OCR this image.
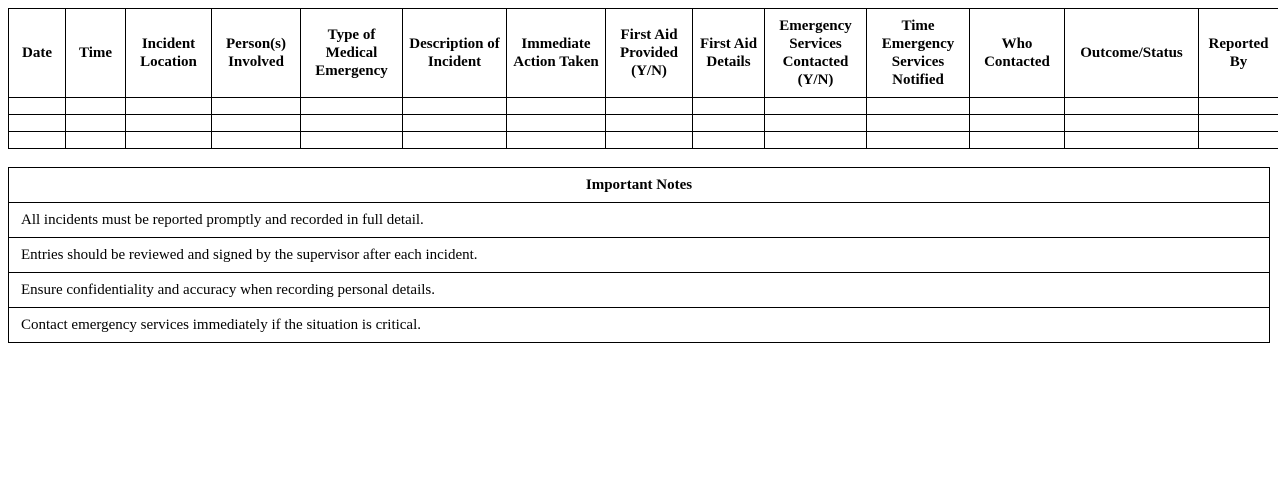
Date	Time	Incident Location	Person(s) Involved	Type of Medical Emergency	Description of Incident	Immediate Action Taken	First Aid Provided (Y/N)	First Aid Details	Emergency Services Contacted (Y/N)	Time Emergency Services Notified	Who Contacted	Outcome/Status	Reported By

Important Notes
All incidents must be reported promptly and recorded in full detail.
Entries should be reviewed and signed by the supervisor after each incident.
Ensure confidentiality and accuracy when recording personal details.
Contact emergency services immediately if the situation is critical.
